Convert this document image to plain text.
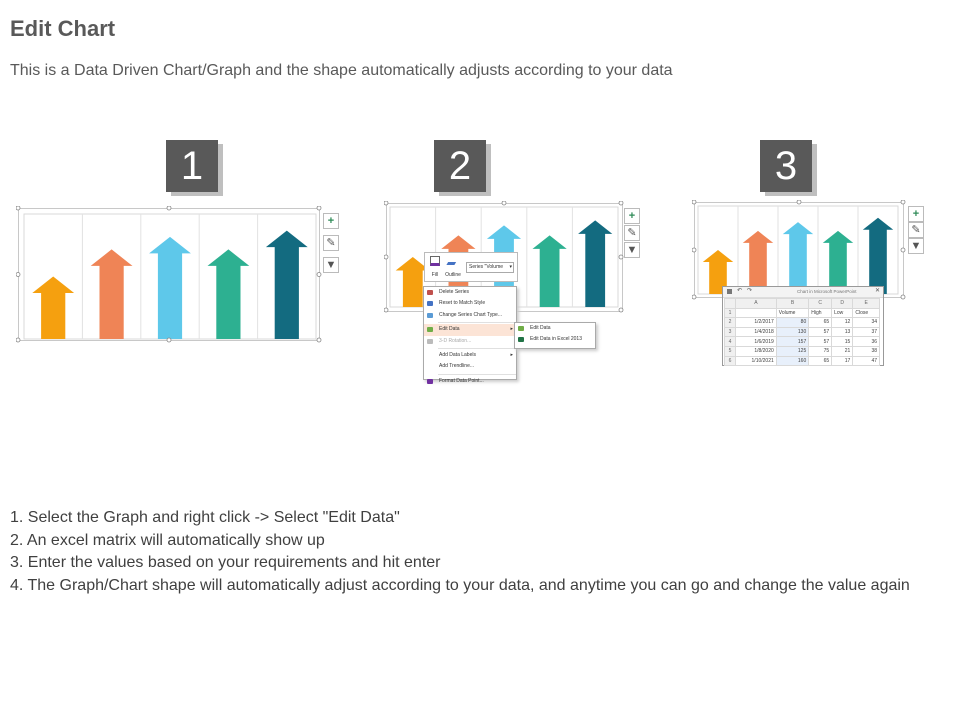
Edit Chart
This is a Data Driven Chart/Graph and the shape automatically adjusts according to your data
1	2	3
+
✎
▼
+
✎
▼
Fill	Outline
Series "Volume ▾
Delete Series
Reset to Match Style
Change Series Chart Type...
Edit Data	▸
3-D Rotation...
Add Data Labels	▸
Add Trendline...
Format Data Point...
Edit Data
Edit Data in Excel 2013
+
✎
▼
↶ ↷	Chart in Microsoft PowerPoint	✕
	A	B	C	D	E
1		Volume	High	Low	Close
2	1/2/2017	80	65	12	34
3	1/4/2018	130	57	13	37
4	1/6/2019	157	57	15	36
5	1/8/2020	125	75	21	38
6	1/10/2021	160	65	17	47
1. Select the Graph and right click -> Select "Edit Data"
2. An excel matrix will automatically show up
3. Enter the values based on your requirements and hit enter
4. The Graph/Chart shape will automatically adjust according to your data, and anytime you can go and change the value again
